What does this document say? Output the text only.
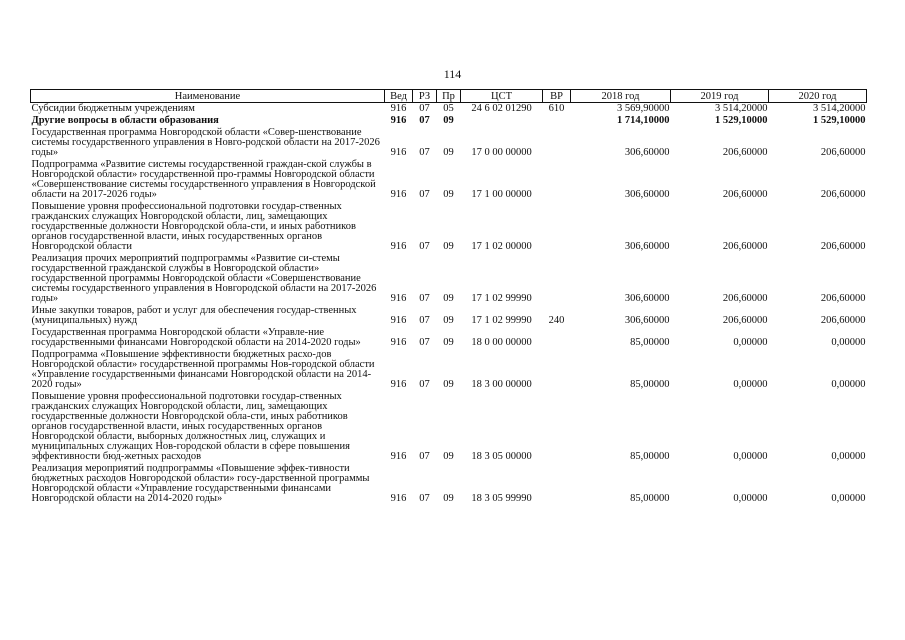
114
Наименование	Вед	РЗ	Пр	ЦСТ	ВР	2018 год	2019 год	2020 год
Субсидии бюджетным учреждениям	916	07	05	24 6 02 01290	610	3 569,90000	3 514,20000	3 514,20000
Другие вопросы в области образования	916	07	09			1 714,10000	1 529,10000	1 529,10000
Государственная программа Новгородской области «Совер-шенствование системы государственного управления в Новго-родской области на 2017-2026 годы»	916	07	09	17 0 00 00000		306,60000	206,60000	206,60000
Подпрограмма «Развитие системы государственной граждан-ской службы в Новгородской области» государственной про-граммы Новгородской области «Совершенствование системы государственного управления в Новгородской области на 2017-2026 годы»	916	07	09	17 1 00 00000		306,60000	206,60000	206,60000
Повышение уровня профессиональной подготовки государ-ственных гражданских служащих Новгородской области, лиц, замещающих государственные должности Новгородской обла-сти, и иных работников органов государственной власти, иных государственных органов Новгородской области	916	07	09	17 1 02 00000		306,60000	206,60000	206,60000
Реализация прочих мероприятий подпрограммы «Развитие си-стемы государственной гражданской службы в Новгородской области» государственной программы Новгородской области «Совершенствование системы государственного управления в Новгородской области на 2017-2026 годы»	916	07	09	17 1 02 99990		306,60000	206,60000	206,60000
Иные закупки товаров, работ и услуг для обеспечения государ-ственных (муниципальных) нужд	916	07	09	17 1 02 99990	240	306,60000	206,60000	206,60000
Государственная программа Новгородской области «Управле-ние государственными финансами Новгородской области на 2014-2020 годы»	916	07	09	18 0 00 00000		85,00000	0,00000	0,00000
Подпрограмма «Повышение эффективности бюджетных расхо-дов Новгородской области» государственной программы Нов-городской области «Управление государственными финансами Новгородской области на 2014-2020 годы»	916	07	09	18 3 00 00000		85,00000	0,00000	0,00000
Повышение уровня профессиональной подготовки государ-ственных гражданских служащих Новгородской области, лиц, замещающих государственные должности Новгородской обла-сти, иных работников органов государственной власти, иных государственных органов Новгородской области, выборных должностных лиц, служащих и муниципальных служащих Нов-городской области в сфере повышения эффективности бюд-жетных расходов	916	07	09	18 3 05 00000		85,00000	0,00000	0,00000
Реализация мероприятий подпрограммы «Повышение эффек-тивности бюджетных расходов Новгородской области» госу-дарственной программы Новгородской области «Управление государственными финансами Новгородской области на 2014-2020 годы»	916	07	09	18 3 05 99990		85,00000	0,00000	0,00000
